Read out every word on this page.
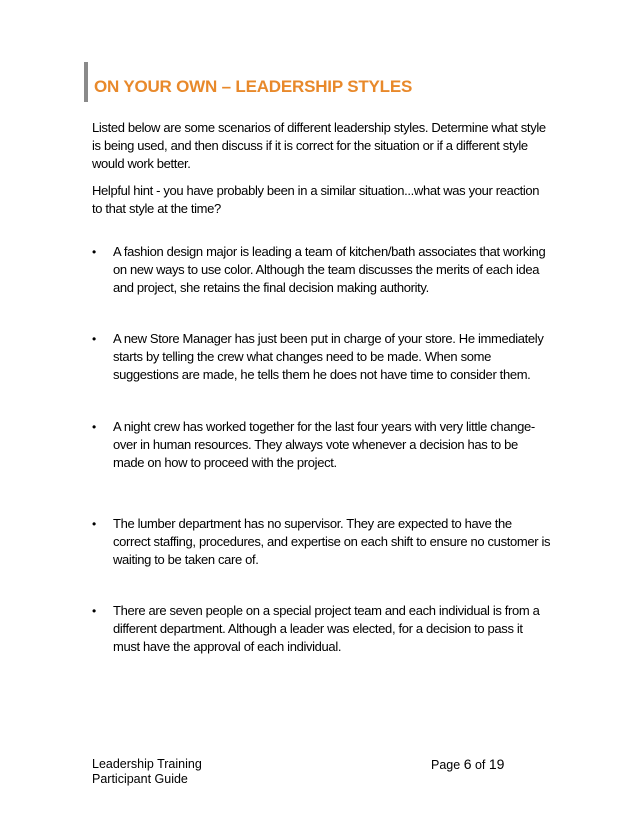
ON YOUR OWN – LEADERSHIP STYLES

Listed below are some scenarios of different leadership styles. Determine what style is being used, and then discuss if it is correct for the situation or if a different style would work better.

Helpful hint - you have probably been in a similar situation...what was your reaction to that style at the time?

•	A fashion design major is leading a team of kitchen/bath associates that working on new ways to use color. Although the team discusses the merits of each idea and project, she retains the final decision making authority.
•	A new Store Manager has just been put in charge of your store. He immediately starts by telling the crew what changes need to be made. When some suggestions are made, he tells them he does not have time to consider them.
•	A night crew has worked together for the last four years with very little change-over in human resources. They always vote whenever a decision has to be made on how to proceed with the project.
•	The lumber department has no supervisor. They are expected to have the correct staffing, procedures, and expertise on each shift to ensure no customer is waiting to be taken care of.
•	There are seven people on a special project team and each individual is from a different department. Although a leader was elected, for a decision to pass it must have the approval of each individual.
Leadership Training
Participant Guide
Page 6 of 19
